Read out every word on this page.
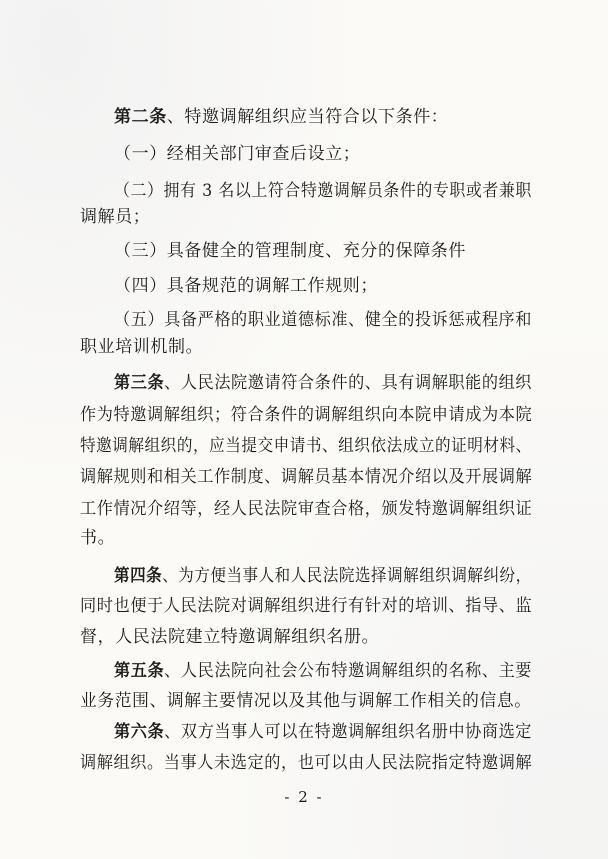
第二条、特邀调解组织应当符合以下条件：
（一）经相关部门审查后设立；
（二）拥有 3 名以上符合特邀调解员条件的专职或者兼职
调解员；
（三）具备健全的管理制度、充分的保障条件
（四）具备规范的调解工作规则；
（五）具备严格的职业道德标准、健全的投诉惩戒程序和
职业培训机制。
第三条、人民法院邀请符合条件的、具有调解职能的组织
作为特邀调解组织；符合条件的调解组织向本院申请成为本院
特邀调解组织的，应当提交申请书、组织依法成立的证明材料、
调解规则和相关工作制度、调解员基本情况介绍以及开展调解
工作情况介绍等，经人民法院审查合格，颁发特邀调解组织证
书。
第四条、为方便当事人和人民法院选择调解组织调解纠纷，
同时也便于人民法院对调解组织进行有针对的培训、指导、监
督，人民法院建立特邀调解组织名册。
第五条、人民法院向社会公布特邀调解组织的名称、主要
业务范围、调解主要情况以及其他与调解工作相关的信息。
第六条、双方当事人可以在特邀调解组织名册中协商选定
调解组织。当事人未选定的，也可以由人民法院指定特邀调解
- 2 -
